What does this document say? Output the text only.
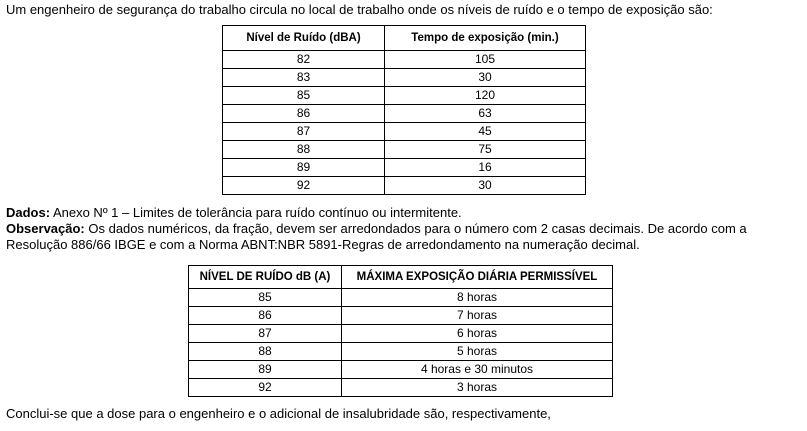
Um engenheiro de segurança do trabalho circula no local de trabalho onde os níveis de ruído e o tempo de exposição são:
Nível de Ruído (dBA)	Tempo de exposição (min.)
82	105
83	30
85	120
86	63
87	45
88	75
89	16
92	30
Dados: Anexo Nº 1 – Limites de tolerância para ruído contínuo ou intermitente.
Observação: Os dados numéricos, da fração, devem ser arredondados para o número com 2 casas decimais. De acordo com a
Resolução 886/66 IBGE e com a Norma ABNT:NBR 5891-Regras de arredondamento na numeração decimal.
NÍVEL DE RUÍDO dB (A)	MÁXIMA EXPOSIÇÃO DIÁRIA PERMISSÍVEL
85	8 horas
86	7 horas
87	6 horas
88	5 horas
89	4 horas e 30 minutos
92	3 horas
Conclui-se que a dose para o engenheiro e o adicional de insalubridade são, respectivamente,
